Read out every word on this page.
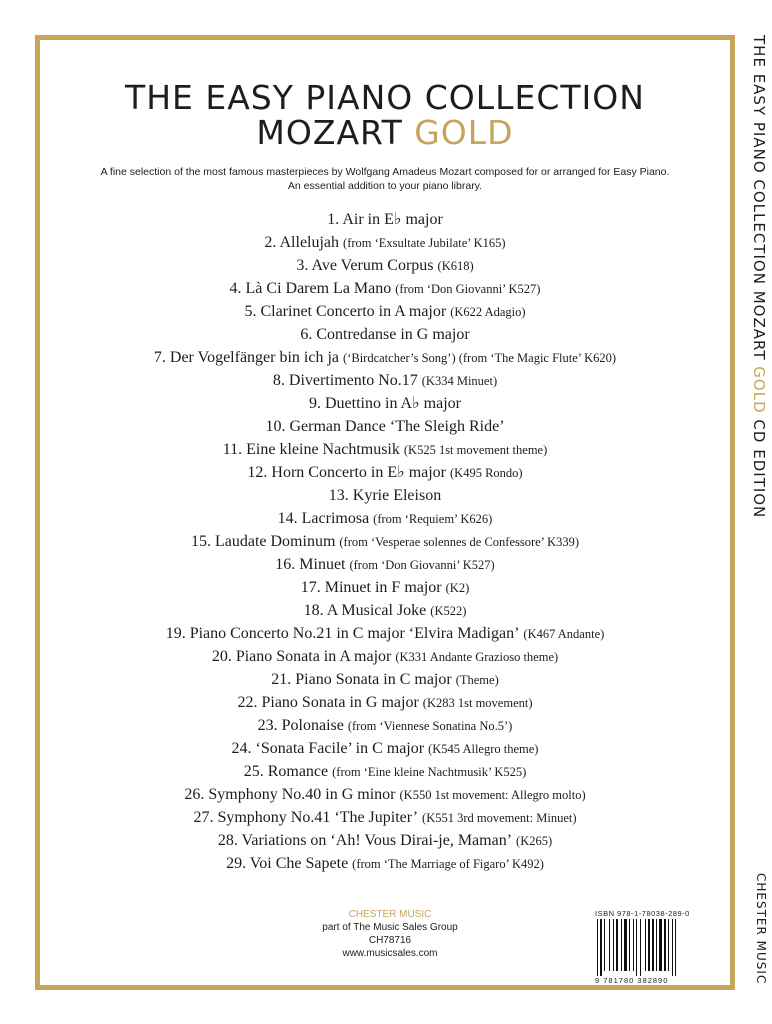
THE EASY PIANO COLLECTION
MOZART GOLD
A fine selection of the most famous masterpieces by Wolfgang Amadeus Mozart composed for or arranged for Easy Piano.
An essential addition to your piano library.
1. Air in E♭ major
2. Allelujah (from ‘Exsultate Jubilate’ K165)
3. Ave Verum Corpus (K618)
4. Là Ci Darem La Mano (from ‘Don Giovanni’ K527)
5. Clarinet Concerto in A major (K622 Adagio)
6. Contredanse in G major
7. Der Vogelfänger bin ich ja (‘Birdcatcher’s Song’) (from ‘The Magic Flute’ K620)
8. Divertimento No.17 (K334 Minuet)
9. Duettino in A♭ major
10. German Dance ‘The Sleigh Ride’
11. Eine kleine Nachtmusik (K525 1st movement theme)
12. Horn Concerto in E♭ major (K495 Rondo)
13. Kyrie Eleison
14. Lacrimosa (from ‘Requiem’ K626)
15. Laudate Dominum (from ‘Vesperae solennes de Confessore’ K339)
16. Minuet (from ‘Don Giovanni’ K527)
17. Minuet in F major (K2)
18. A Musical Joke (K522)
19. Piano Concerto No.21 in C major ‘Elvira Madigan’ (K467 Andante)
20. Piano Sonata in A major (K331 Andante Grazioso theme)
21. Piano Sonata in C major (Theme)
22. Piano Sonata in G major (K283 1st movement)
23. Polonaise (from ‘Viennese Sonatina No.5’)
24. ‘Sonata Facile’ in C major (K545 Allegro theme)
25. Romance (from ‘Eine kleine Nachtmusik’ K525)
26. Symphony No.40 in G minor (K550 1st movement: Allegro molto)
27. Symphony No.41 ‘The Jupiter’ (K551 3rd movement: Minuet)
28. Variations on ‘Ah! Vous Dirai-je, Maman’ (K265)
29. Voi Che Sapete (from ‘The Marriage of Figaro’ K492)
CHESTER MUSIC
part of The Music Sales Group
CH78716
www.musicsales.com
ISBN 978-1-78038-289-0
9 781780 382890
THE EASY PIANO COLLECTION MOZART GOLD CD EDITION
CHESTER MUSIC
